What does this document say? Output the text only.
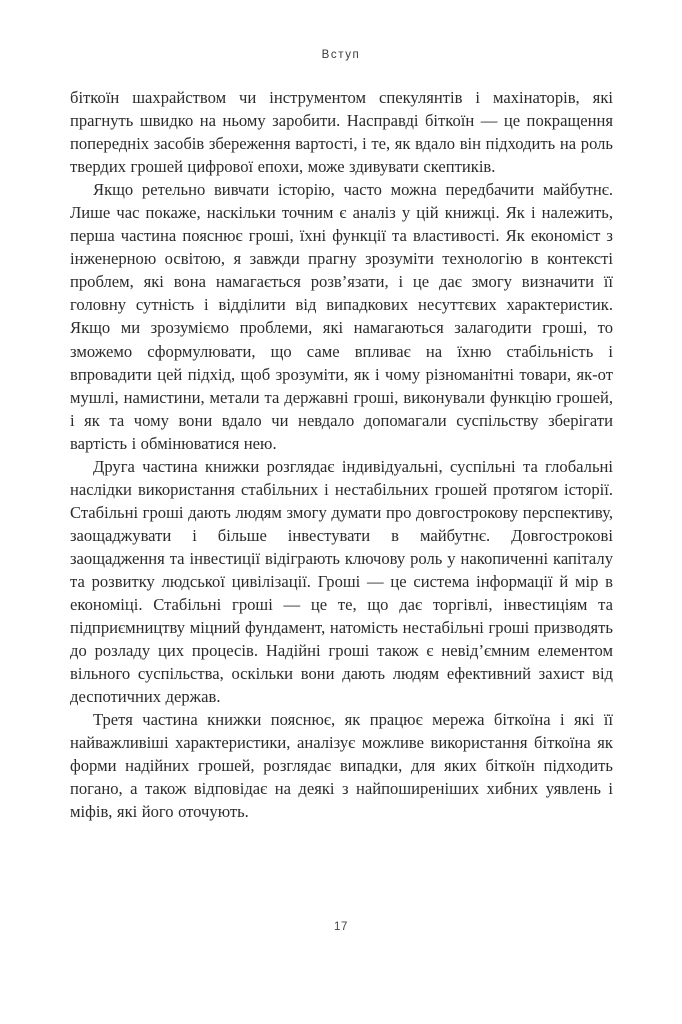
Вступ

біткоїн шахрайством чи інструментом спекулянтів і махінаторів, які прагнуть швидко на ньому заробити. Насправді біткоїн — це покращення попередніх засобів збереження вартості, і те, як вдало він підходить на роль твердих грошей цифрової епохи, може здивувати скептиків.

Якщо ретельно вивчати історію, часто можна передбачити майбутнє. Лише час покаже, наскільки точним є аналіз у цій книжці. Як і належить, перша частина пояснює гроші, їхні функції та властивості. Як економіст з інженерною освітою, я завжди прагну зрозуміти технологію в контексті проблем, які вона намагається розв’язати, і це дає змогу визначити її головну сутність і відділити від випадкових несуттєвих характеристик. Якщо ми зрозуміємо проблеми, які намагаються залагодити гроші, то зможемо сформулювати, що саме впливає на їхню стабільність і впровадити цей підхід, щоб зрозуміти, як і чому різноманітні товари, як-от мушлі, намистини, метали та державні гроші, виконували функцію грошей, і як та чому вони вдало чи невдало допомагали суспільству зберігати вартість і обмінюватися нею.

Друга частина книжки розглядає індивідуальні, суспільні та глобальні наслідки використання стабільних і нестабільних грошей протягом історії. Стабільні гроші дають людям змогу думати про довгострокову перспективу, заощаджувати і більше інвестувати в майбутнє. Довгострокові заощадження та інвестиції відіграють ключову роль у накопиченні капіталу та розвитку людської цивілізації. Гроші — це система інформації й мір в економіці. Стабільні гроші — це те, що дає торгівлі, інвестиціям та підприємництву міцний фундамент, натомість нестабільні гроші призводять до розладу цих процесів. Надійні гроші також є невід’ємним елементом вільного суспільства, оскільки вони дають людям ефективний захист від деспотичних держав.

Третя частина книжки пояснює, як працює мережа біткоїна і які її найважливіші характеристики, аналізує можливе використання біткоїна як форми надійних грошей, розглядає випадки, для яких біткоїн підходить погано, а також відповідає на деякі з найпоширеніших хибних уявлень і міфів, які його оточують.

17
